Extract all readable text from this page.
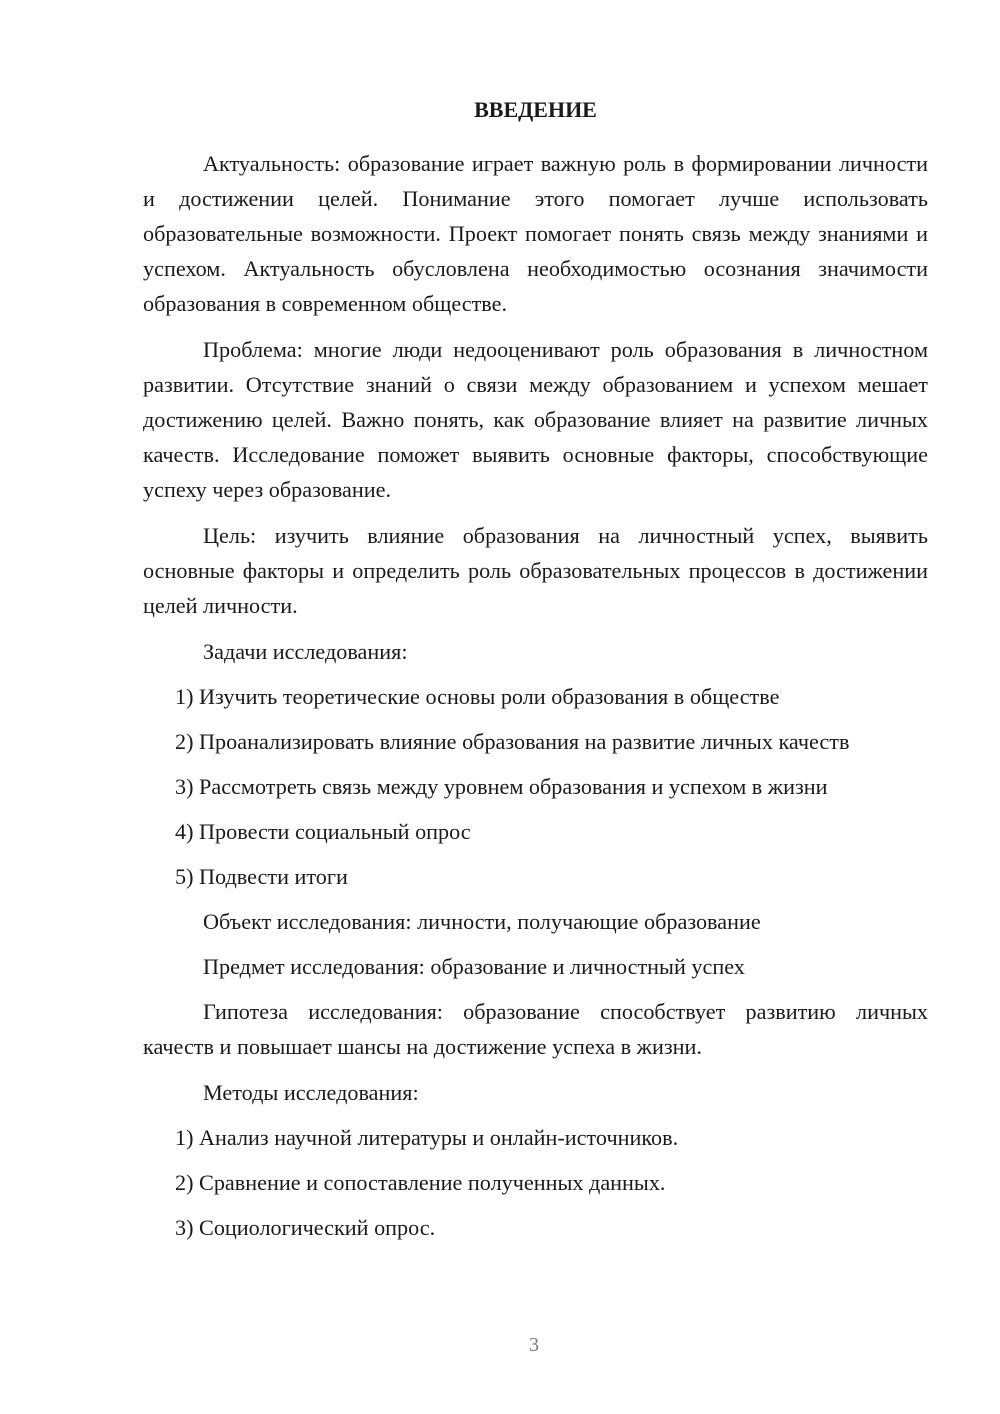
ВВЕДЕНИЕ

Актуальность: образование играет важную роль в формировании личности и достижении целей. Понимание этого помогает лучше использовать образовательные возможности. Проект помогает понять связь между знаниями и успехом. Актуальность обусловлена необходимостью осознания значимости образования в современном обществе.

Проблема: многие люди недооценивают роль образования в личностном развитии. Отсутствие знаний о связи между образованием и успехом мешает достижению целей. Важно понять, как образование влияет на развитие личных качеств. Исследование поможет выявить основные факторы, способствующие успеху через образование.

Цель: изучить влияние образования на личностный успех, выявить основные факторы и определить роль образовательных процессов в достижении целей личности.

Задачи исследования:

1) Изучить теоретические основы роли образования в обществе

2) Проанализировать влияние образования на развитие личных качеств

3) Рассмотреть связь между уровнем образования и успехом в жизни

4) Провести социальный опрос

5) Подвести итоги

Объект исследования: личности, получающие образование

Предмет исследования: образование и личностный успех

Гипотеза исследования: образование способствует развитию личных качеств и повышает шансы на достижение успеха в жизни.

Методы исследования:

1) Анализ научной литературы и онлайн-источников.

2) Сравнение и сопоставление полученных данных.

3) Социологический опрос.

3
